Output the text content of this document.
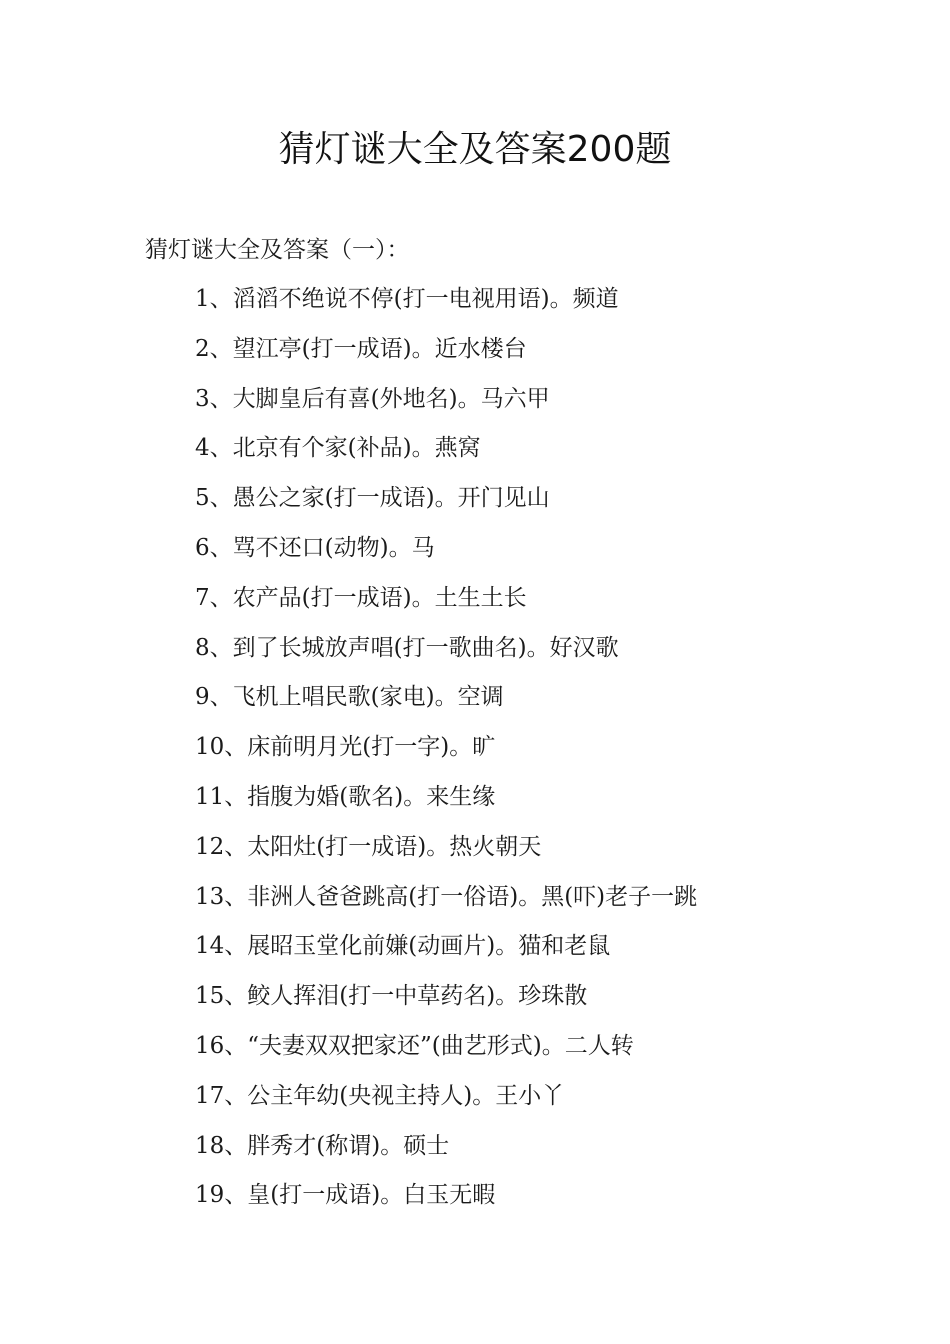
猜灯谜大全及答案200题
猜灯谜大全及答案（一）：
1、滔滔不绝说不停(打一电视用语)。频道
2、望江亭(打一成语)。近水楼台
3、大脚皇后有喜(外地名)。马六甲
4、北京有个家(补品)。燕窝
5、愚公之家(打一成语)。开门见山
6、骂不还口(动物)。马
7、农产品(打一成语)。土生土长
8、到了长城放声唱(打一歌曲名)。好汉歌
9、飞机上唱民歌(家电)。空调
10、床前明月光(打一字)。旷
11、指腹为婚(歌名)。来生缘
12、太阳灶(打一成语)。热火朝天
13、非洲人爸爸跳高(打一俗语)。黑(吓)老子一跳
14、展昭玉堂化前嫌(动画片)。猫和老鼠
15、鲛人挥泪(打一中草药名)。珍珠散
16、“夫妻双双把家还”(曲艺形式)。二人转
17、公主年幼(央视主持人)。王小丫
18、胖秀才(称谓)。硕士
19、皇(打一成语)。白玉无暇
